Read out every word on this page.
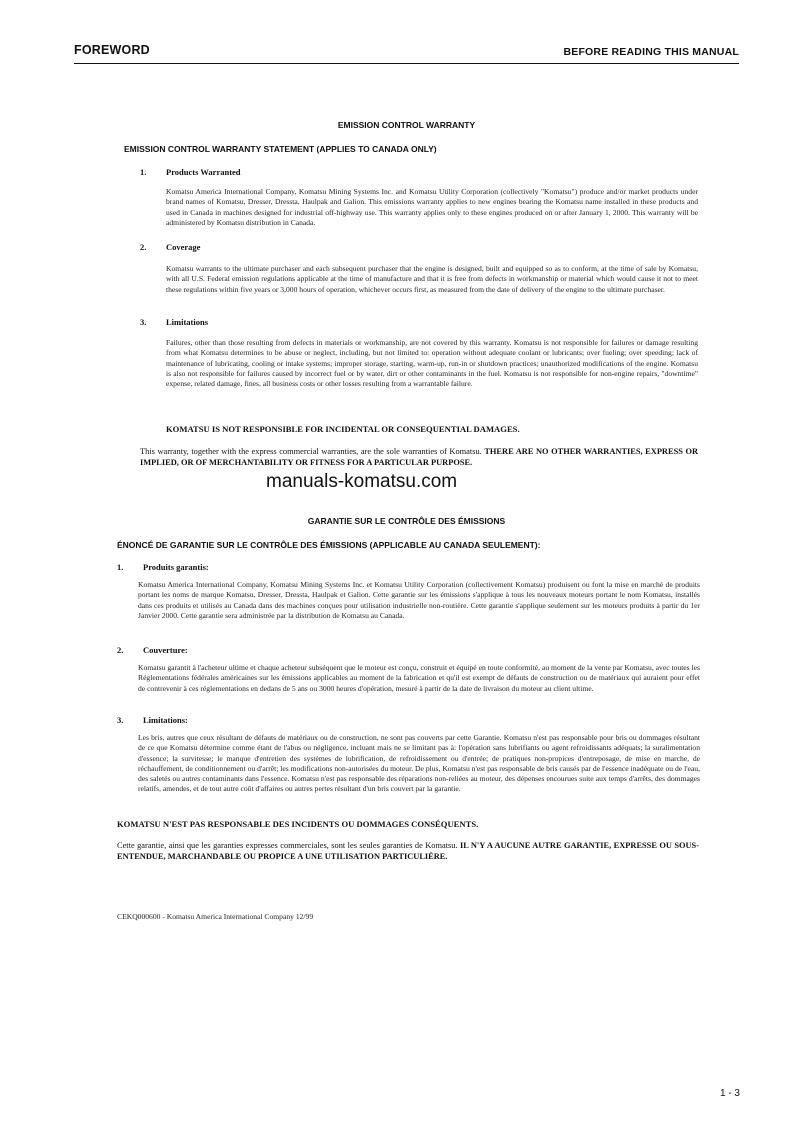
FOREWORD	BEFORE READING THIS MANUAL
EMISSION CONTROL WARRANTY
EMISSION CONTROL WARRANTY STATEMENT (APPLIES TO CANADA ONLY)
1. Products Warranted
Komatsu America International Company, Komatsu Mining Systems Inc. and Komatsu Utility Corporation (collectively "Komatsu") produce and/or market products under brand names of Komatsu, Dresser, Dressta, Haulpak and Galion. This emissions warranty applies to new engines bearing the Komatsu name installed in these products and used in Canada in machines designed for industrial off-highway use. This warranty applies only to these engines produced on or after January 1, 2000. This warranty will be administered by Komatsu distribution in Canada.
2. Coverage
Komatsu warrants to the ultimate purchaser and each subsequent purchaser that the engine is designed, built and equipped so as to conform, at the time of sale by Komatsu, with all U.S. Federal emission regulations applicable at the time of manufacture and that it is free from defects in workmanship or material which would cause it not to meet these regulations within five years or 3,000 hours of operation, whichever occurs first, as measured from the date of delivery of the engine to the ultimate purchaser.
3. Limitations
Failures, other than those resulting from defects in materials or workmanship, are not covered by this warranty. Komatsu is not responsible for failures or damage resulting from what Komatsu determines to be abuse or neglect, including, but not limited to: operation without adequate coolant or lubricants; over fueling; over speeding; lack of maintenance of lubricating, cooling or intake systems; improper storage, starting, warm-up, run-in or shutdown practices; unauthorized modifications of the engine. Komatsu is also not responsible for failures caused by incorrect fuel or by water, dirt or other contaminants in the fuel. Komatsu is not responsible for non-engine repairs, "downtime" expense, related damage, fines, all business costs or other losses resulting from a warrantable failure.
KOMATSU IS NOT RESPONSIBLE FOR INCIDENTAL OR CONSEQUENTIAL DAMAGES.
This warranty, together with the express commercial warranties, are the sole warranties of Komatsu. THERE ARE NO OTHER WARRANTIES, EXPRESS OR IMPLIED, OR OF MERCHANTABILITY OR FITNESS FOR A PARTICULAR PURPOSE.
manuals-komatsu.com
GARANTIE SUR LE CONTRÔLE DES ÉMISSIONS
ÉNONCÉ DE GARANTIE SUR LE CONTRÔLE DES ÉMISSIONS (APPLICABLE AU CANADA SEULEMENT):
1. Produits garantis:
Komatsu America International Company, Komatsu Mining Systems Inc. et Komatsu Utility Corporation (collectivement Komatsu) produisent ou font la mise en marché de produits portant les noms de marque Komatsu, Dresser, Dressta, Haulpak et Galion. Cette garantie sur les émissions s'applique à tous les nouveaux moteurs portant le nom Komatsu, installés dans ces produits et utilisés au Canada dans des machines conçues pour utilisation industrielle non-routière. Cette garantie s'applique seulement sur les moteurs produits à partir du 1er Janvier 2000. Cette garantie sera administrée par la distribution de Komatsu au Canada.
2. Couverture:
Komatsu garantit à l'acheteur ultime et chaque acheteur subséquent que le moteur est conçu, construit et équipé en toute conformité, au moment de la vente par Komatsu, avec toutes les Réglementations fédérales américaines sur les émissions applicables au moment de la fabrication et qu'il est exempt de défauts de construction ou de matériaux qui auraient pour effet de contrevenir à ces réglementations en dedans de 5 ans ou 3000 heures d'opération, mesuré à partir de la date de livraison du moteur au client ultime.
3. Limitations:
Les bris, autres que ceux résultant de défauts de matériaux ou de construction, ne sont pas couverts par cette Garantie. Komatsu n'est pas responsable pour bris ou dommages résultant de ce que Komatsu détermine comme étant de l'abus ou négligence, incluant mais ne se limitant pas à: l'opération sans lubrifiants ou agent refroidissants adéquats; la suralimentation d'essence; la survitesse; le manque d'entretien des systèmes de lubrification, de refroidissement ou d'entrée; de pratiques non-propices d'entreposage, de mise en marche, de réchauffement, de conditionnement ou d'arrêt; les modifications non-autorisées du moteur. De plus, Komatsu n'est pas responsable de bris causés par de l'essence inadéquate ou de l'eau, des saletés ou autres contaminants dans l'essence. Komatsu n'est pas responsable des réparations non-reliées au moteur, des dépenses encourues suite aux temps d'arrêts, des dommages relatifs, amendes, et de tout autre coût d'affaires ou autres pertes résultant d'un bris couvert par la garantie.
KOMATSU N'EST PAS RESPONSABLE DES INCIDENTS OU DOMMAGES CONSÉQUENTS.
Cette garantie, ainsi que les garanties expresses commerciales, sont les seules garanties de Komatsu. IL N'Y A AUCUNE AUTRE GARANTIE, EXPRESSE OU SOUS-ENTENDUE, MARCHANDABLE OU PROPICE A UNE UTILISATION PARTICULIÈRE.
CEKQ000600 - Komatsu America International Company 12/99
1 - 3
